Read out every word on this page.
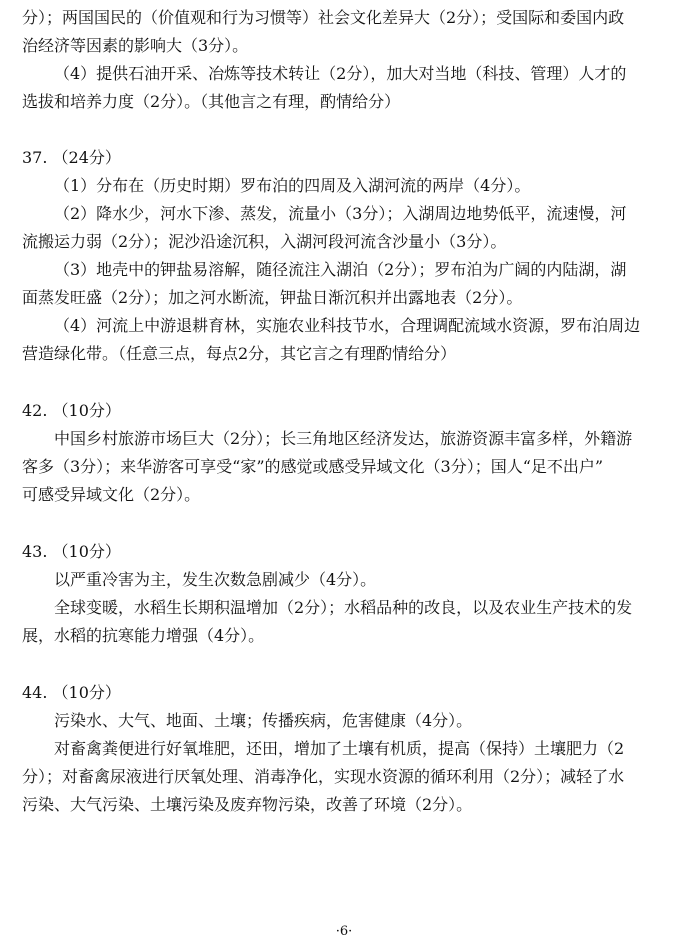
分）；两国国民的（价值观和行为习惯等）社会文化差异大（2分）；受国际和委国内政
治经济等因素的影响大（3分）。
（4）提供石油开采、冶炼等技术转让（2分），加大对当地（科技、管理）人才的
选拔和培养力度（2分）。（其他言之有理，酌情给分）
37. （24分）
（1）分布在（历史时期）罗布泊的四周及入湖河流的两岸（4分）。
（2）降水少，河水下渗、蒸发，流量小（3分）；入湖周边地势低平，流速慢，河
流搬运力弱（2分）；泥沙沿途沉积，入湖河段河流含沙量小（3分）。
（3）地壳中的钾盐易溶解，随径流注入湖泊（2分）；罗布泊为广阔的内陆湖，湖
面蒸发旺盛（2分）；加之河水断流，钾盐日渐沉积并出露地表（2分）。
（4）河流上中游退耕育林，实施农业科技节水，合理调配流域水资源，罗布泊周边
营造绿化带。（任意三点，每点2分，其它言之有理酌情给分）
42. （10分）
中国乡村旅游市场巨大（2分）；长三角地区经济发达，旅游资源丰富多样，外籍游
客多（3分）；来华游客可享受“家”的感觉或感受异域文化（3分）；国人“足不出户”
可感受异域文化（2分）。
43. （10分）
以严重冷害为主，发生次数急剧减少（4分）。
全球变暖，水稻生长期积温增加（2分）；水稻品种的改良，以及农业生产技术的发
展，水稻的抗寒能力增强（4分）。
44. （10分）
污染水、大气、地面、土壤；传播疾病，危害健康（4分）。
对畜禽粪便进行好氧堆肥，还田，增加了土壤有机质，提高（保持）土壤肥力（2
分）；对畜禽尿液进行厌氧处理、消毒净化，实现水资源的循环利用（2分）；减轻了水
污染、大气污染、土壤污染及废弃物污染，改善了环境（2分）。
·6·
